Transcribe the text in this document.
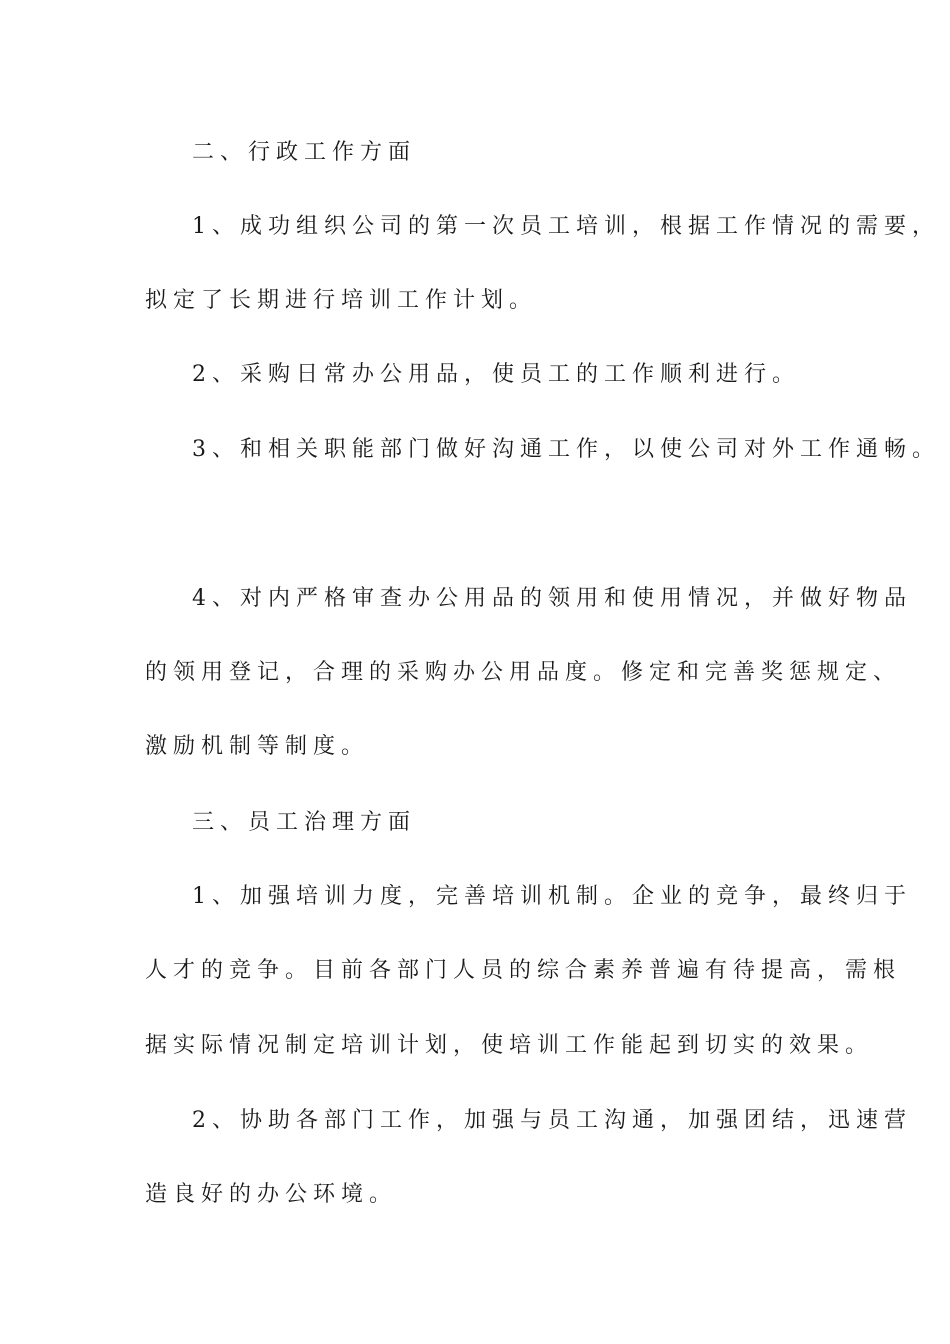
二、行政工作方面
1、成功组织公司的第一次员工培训，根据工作情况的需要，
拟定了长期进行培训工作计划。
2、采购日常办公用品，使员工的工作顺利进行。
3、和相关职能部门做好沟通工作，以使公司对外工作通畅。
4、对内严格审查办公用品的领用和使用情况，并做好物品
的领用登记，合理的采购办公用品度。修定和完善奖惩规定、
激励机制等制度。
三、员工治理方面
1、加强培训力度，完善培训机制。企业的竞争，最终归于
人才的竞争。目前各部门人员的综合素养普遍有待提高，需根
据实际情况制定培训计划，使培训工作能起到切实的效果。
2、协助各部门工作，加强与员工沟通，加强团结，迅速营
造良好的办公环境。
